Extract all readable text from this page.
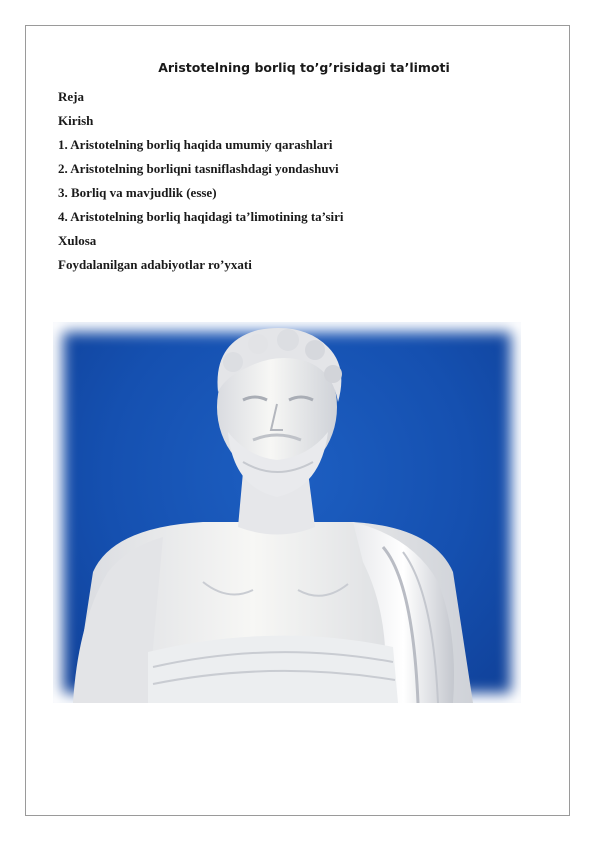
Aristotelning borliq to’g’risidagi ta’limoti
Reja
Kirish
1. Aristotelning borliq haqida umumiy qarashlari
2. Aristotelning borliqni tasniflashdagi yondashuvi
3. Borliq va mavjudlik (esse)
4. Aristotelning borliq haqidagi ta’limotining ta’siri
Xulosa
Foydalanilgan adabiyotlar ro’yxati
